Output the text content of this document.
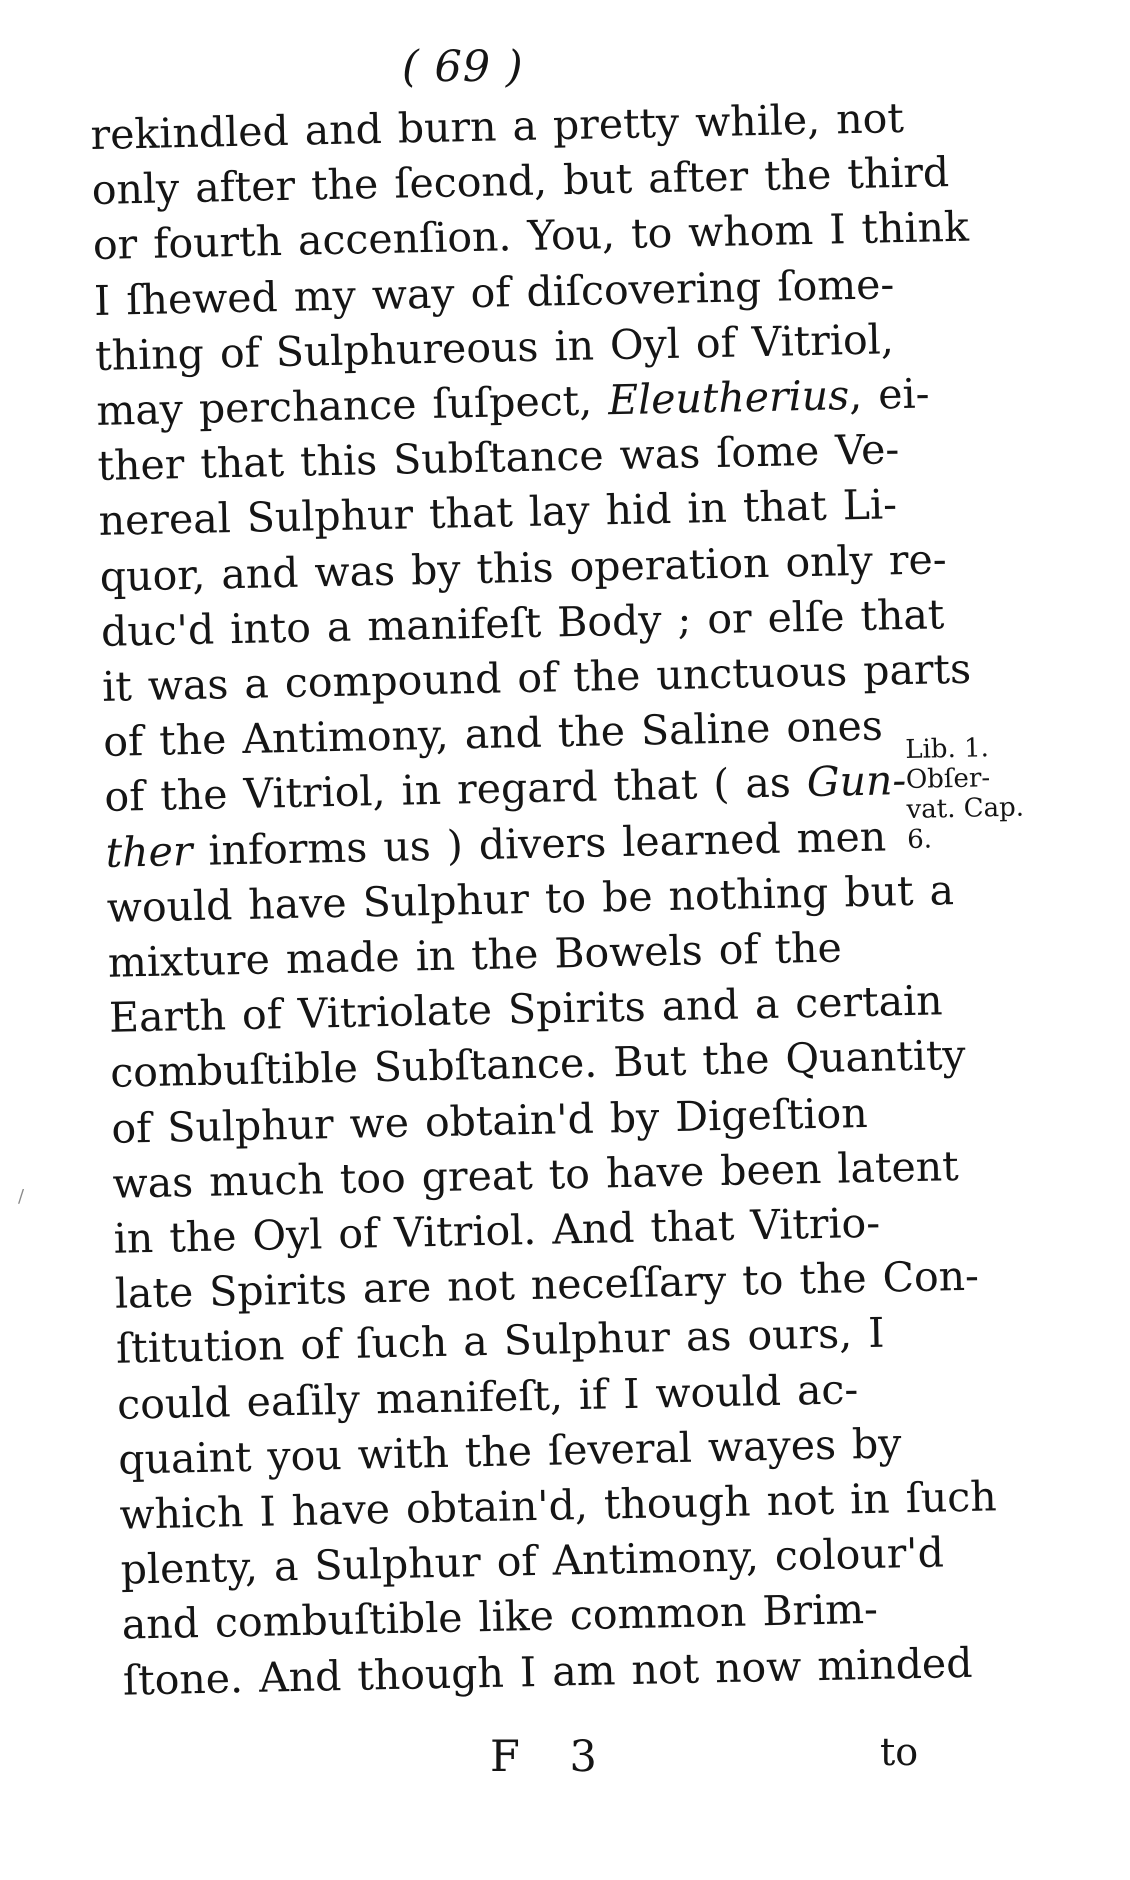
( 69 )
rekindled and burn a pretty while, not
only after the ſecond, but after the third
or fourth accenſion. You, to whom I think
I ſhewed my way of diſcovering ſome-
thing of Sulphureous in Oyl of Vitriol,
may perchance ſuſpect, Eleutherius, ei-
ther that this Subſtance was ſome Ve-
nereal Sulphur that lay hid in that Li-
quor, and was by this operation only re-
duc'd into a manifeſt Body ; or elſe that
it was a compound of the unctuous parts
of the Antimony, and the Saline ones
of the Vitriol, in regard that ( as Gun-
ther informs us ) divers learned men
would have Sulphur to be nothing but a
mixture made in the Bowels of the
Earth of Vitriolate Spirits and a certain
combuſtible Subſtance. But the Quantity
of Sulphur we obtain'd by Digeſtion
was much too great to have been latent
in the Oyl of Vitriol. And that Vitrio-
late Spirits are not neceſſary to the Con-
ſtitution of ſuch a Sulphur as ours, I
could eaſily manifeſt, if I would ac-
quaint you with the ſeveral wayes by
which I have obtain'd, though not in ſuch
plenty, a Sulphur of Antimony, colour'd
and combuſtible like common Brim-
ſtone. And though I am not now minded
Lib. 1.
Obſer-
vat. Cap.
6.
F 3	to
/
